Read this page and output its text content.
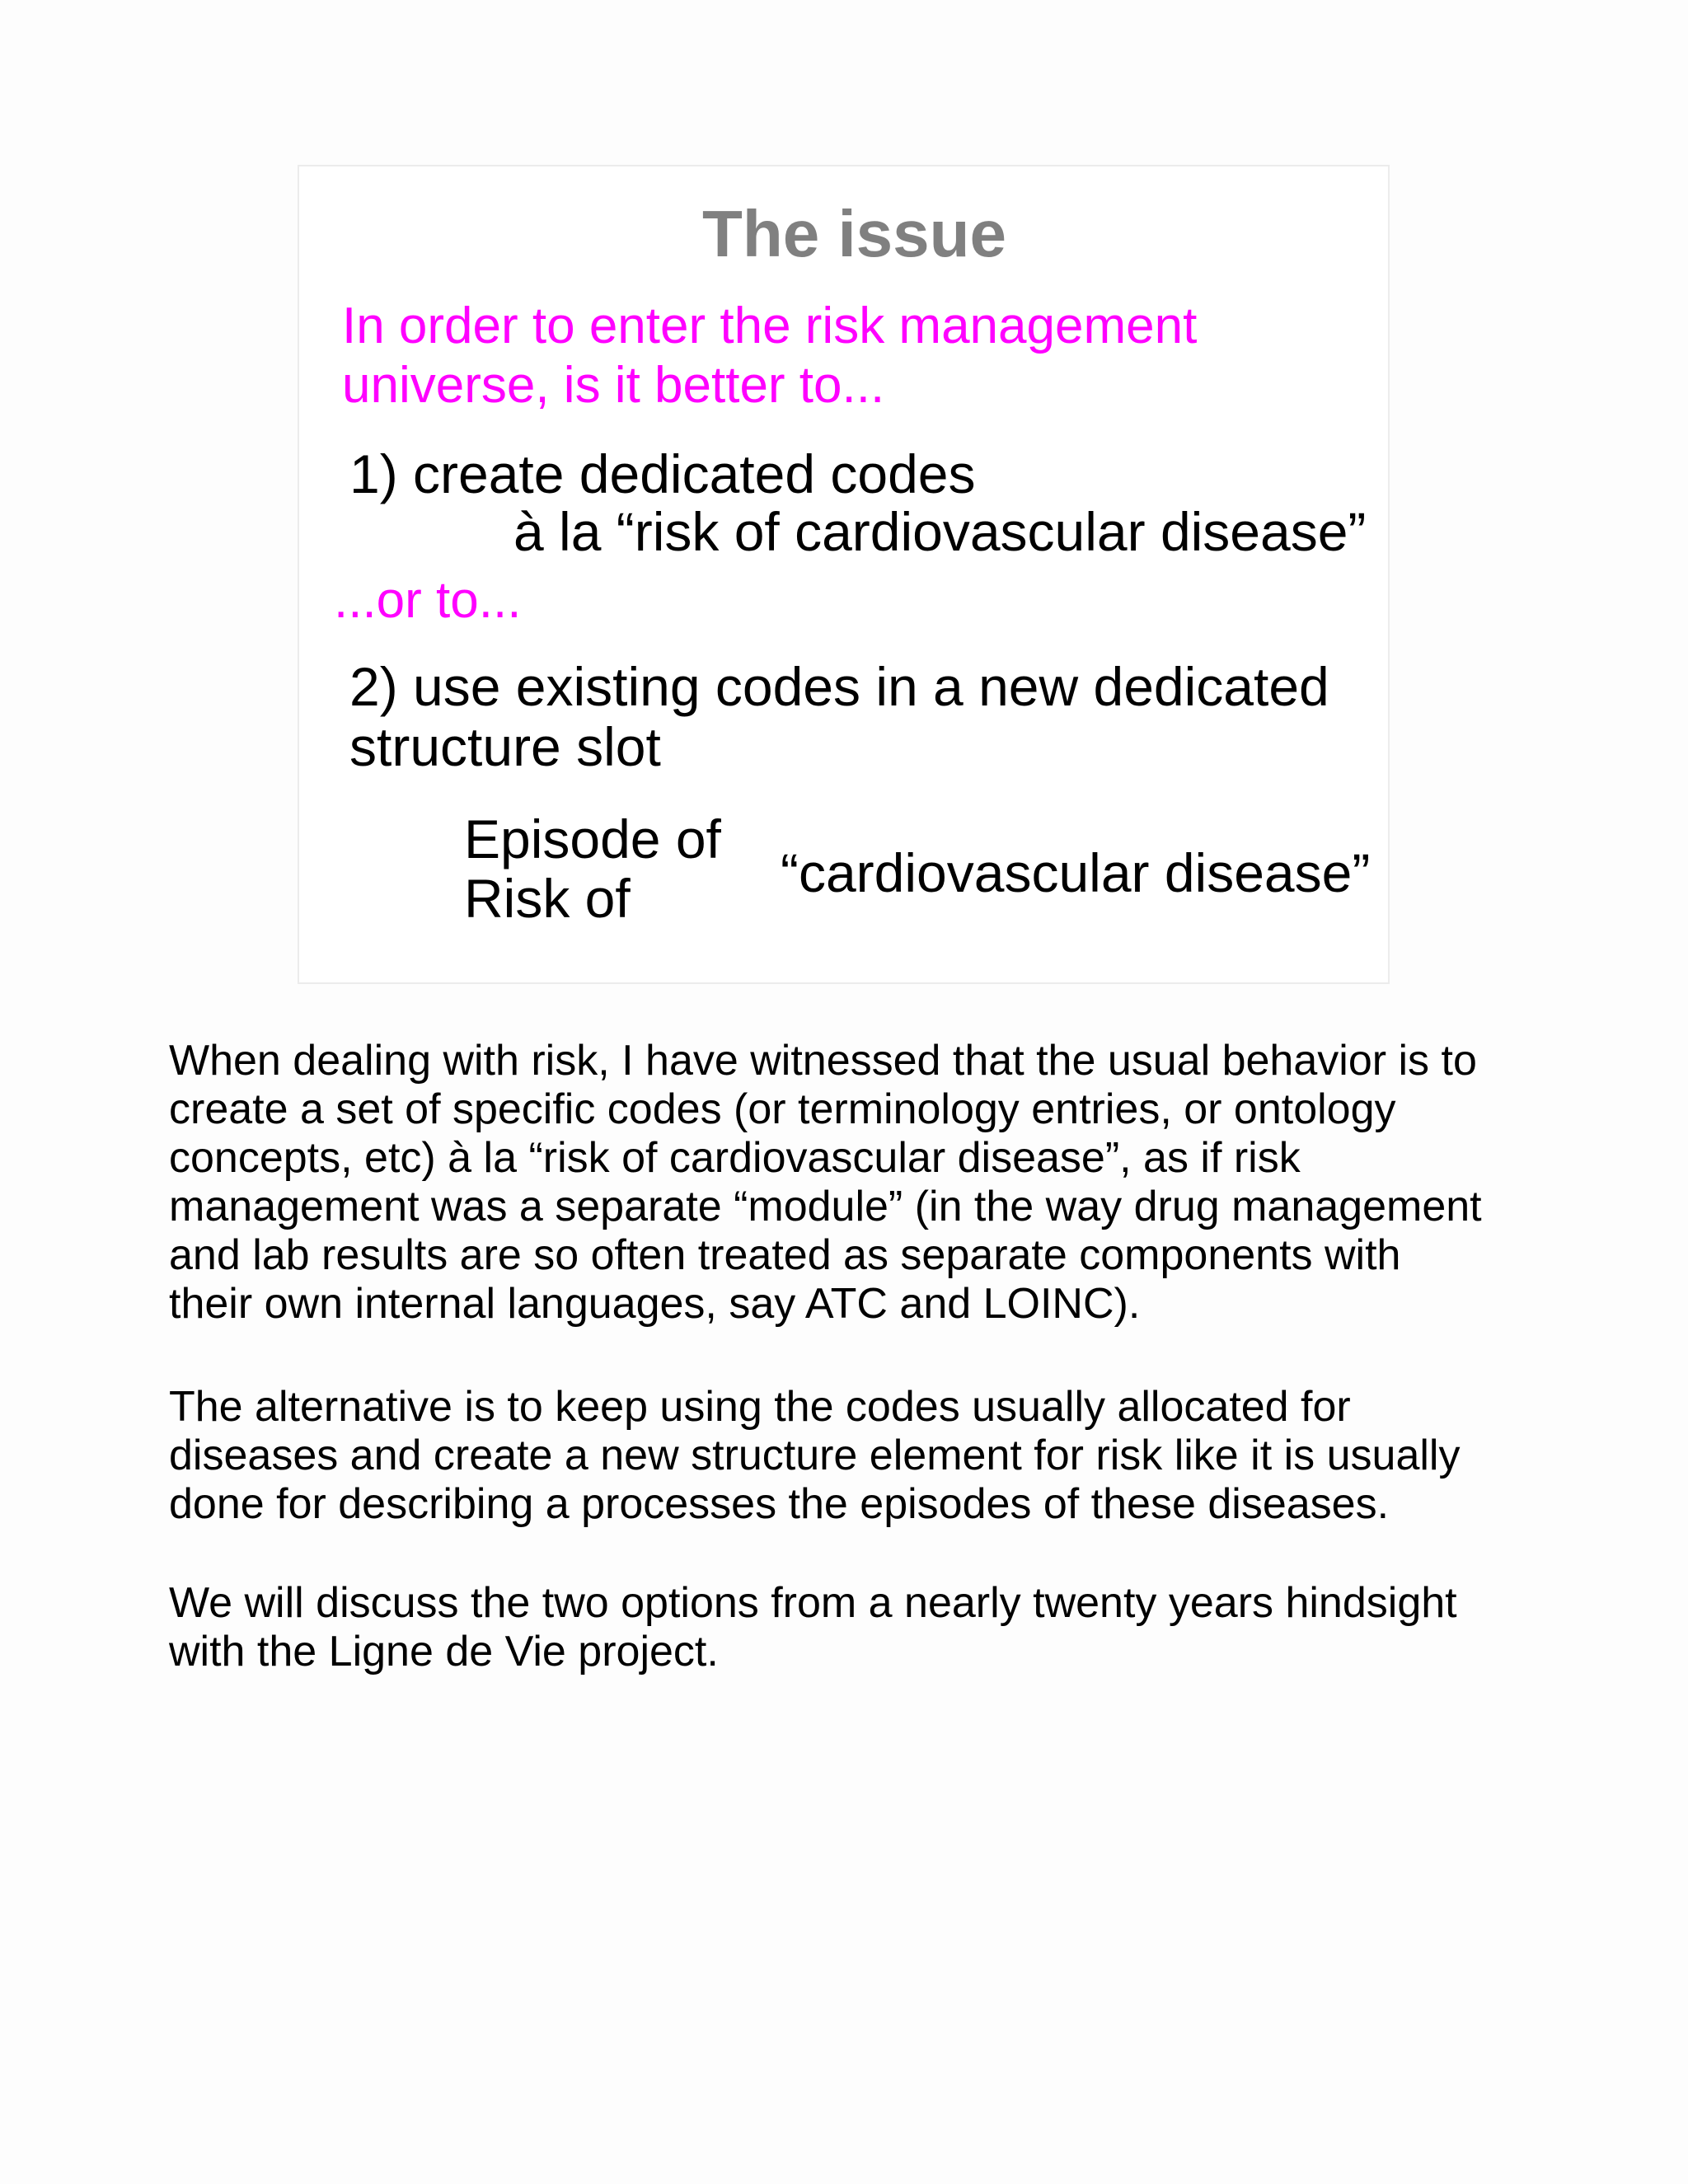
The issue
In order to enter the risk management
universe, is it better to...
1) create dedicated codes
à la “risk of cardiovascular disease”
...or to...
2) use existing codes in a new dedicated
structure slot
Episode of
Risk of	“cardiovascular disease”
When dealing with risk, I have witnessed that the usual behavior is to
create a set of specific codes (or terminology entries, or ontology
concepts, etc) à la “risk of cardiovascular disease”, as if risk
management was a separate “module” (in the way drug management
and lab results are so often treated as separate components with
their own internal languages, say ATC and LOINC).
The alternative is to keep using the codes usually allocated for
diseases and create a new structure element for risk like it is usually
done for describing a processes the episodes of these diseases.
We will discuss the two options from a nearly twenty years hindsight
with the Ligne de Vie project.
